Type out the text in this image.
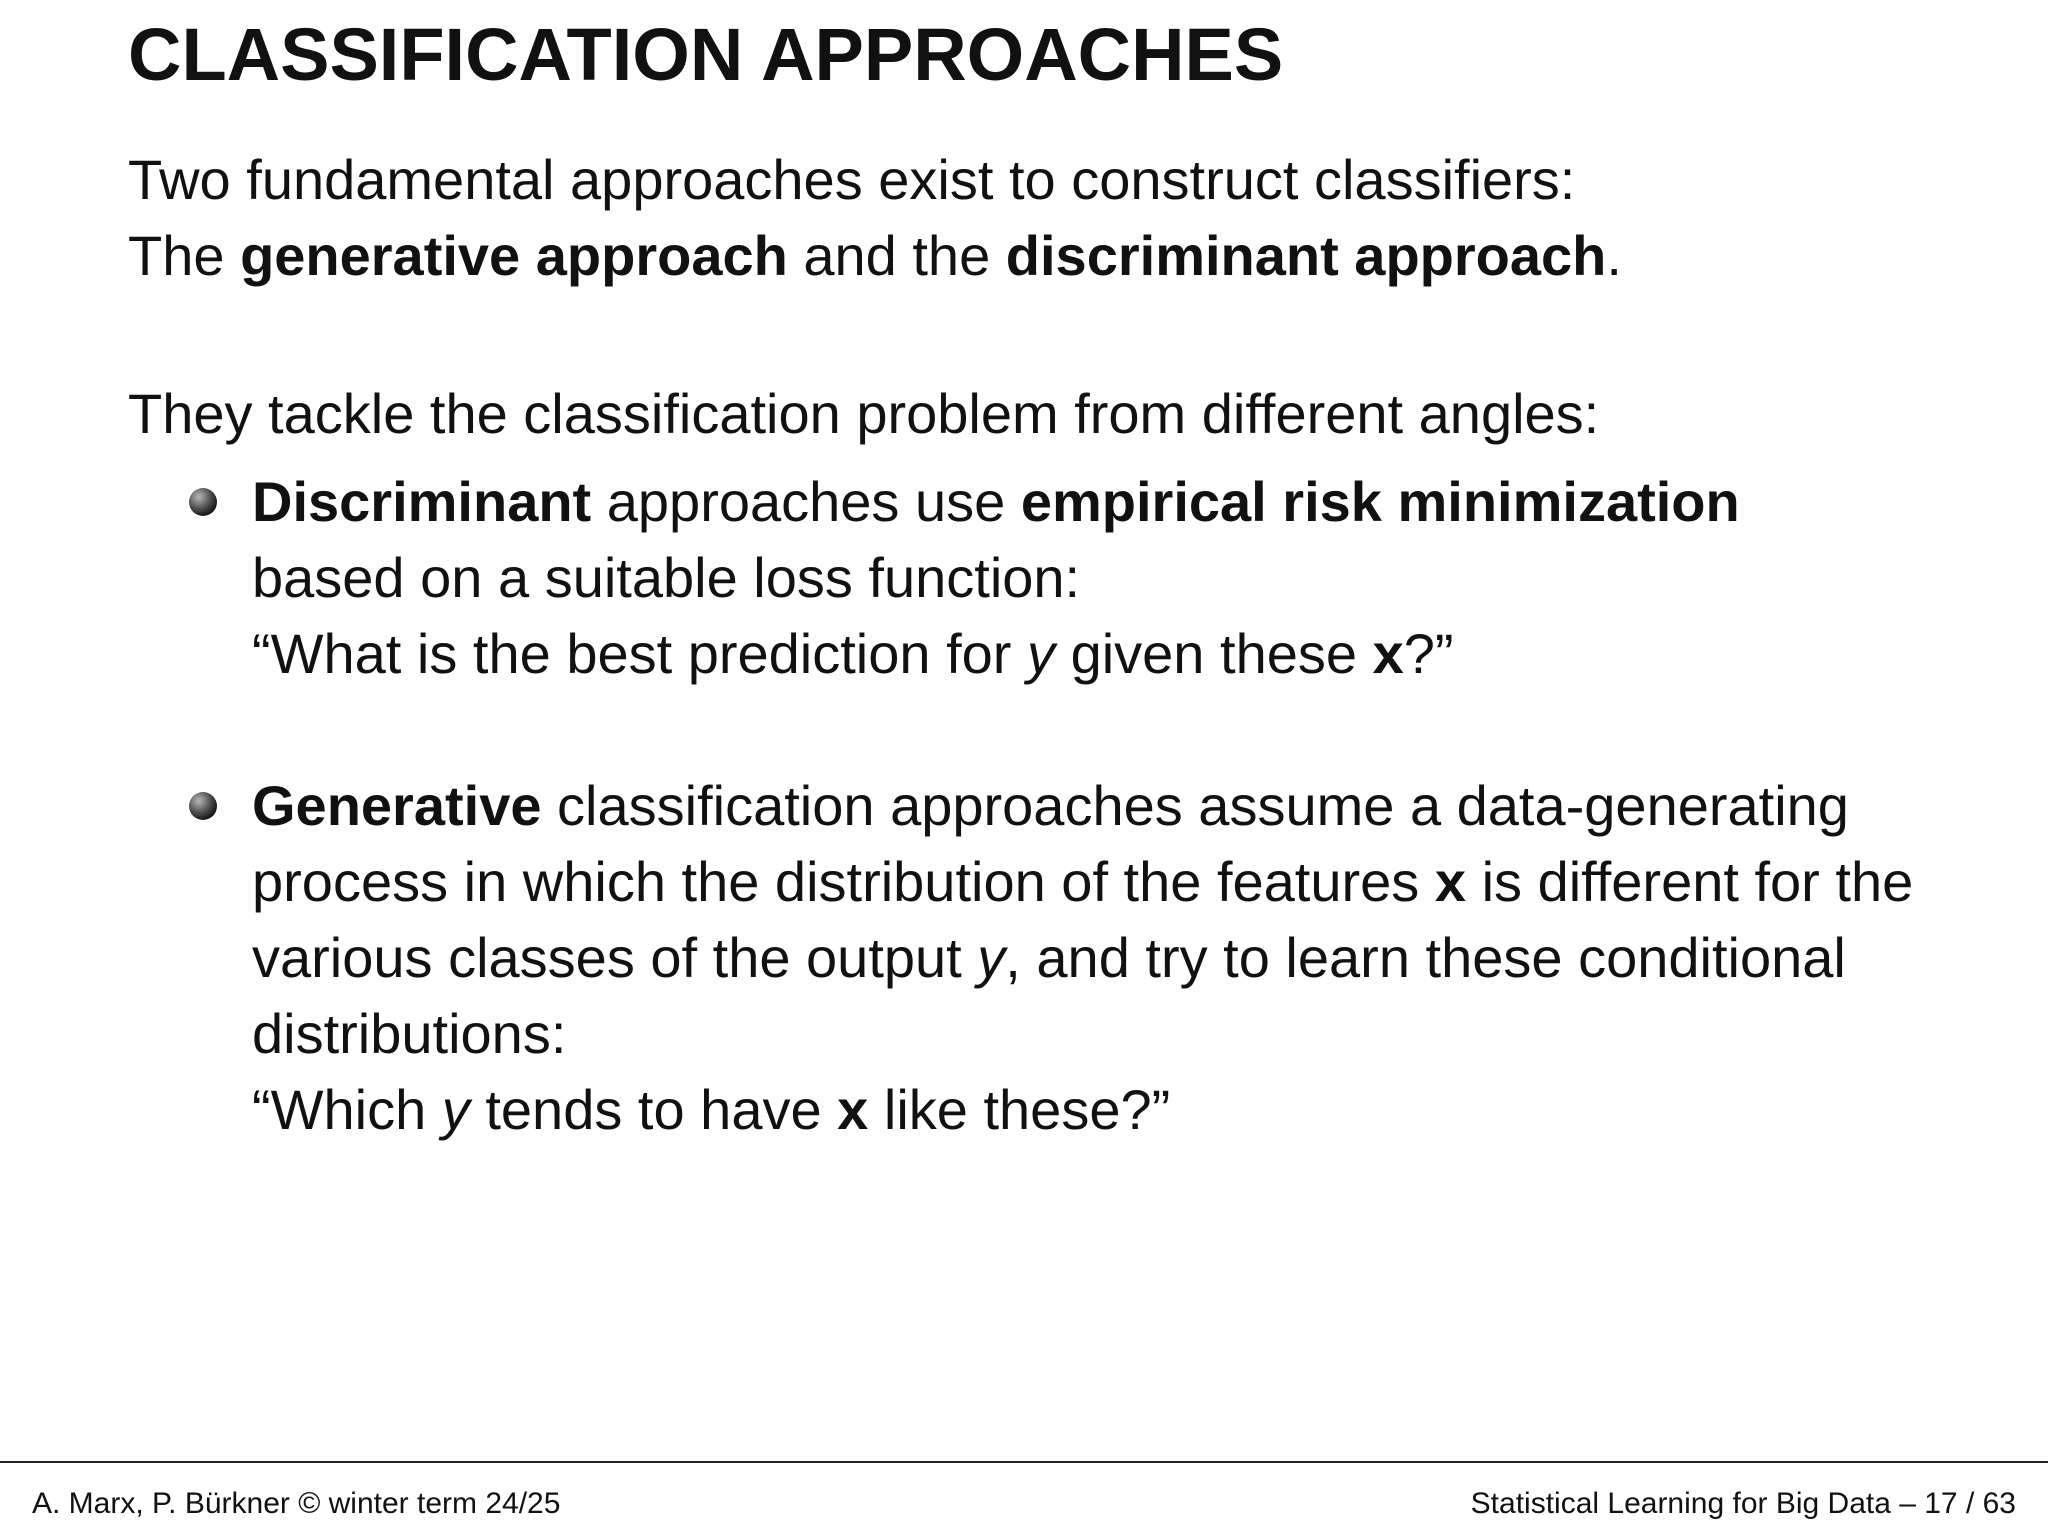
CLASSIFICATION APPROACHES

Two fundamental approaches exist to construct classifiers:

The generative approach and the discriminant approach.

They tackle the classification problem from different angles:

Discriminant approaches use empirical risk minimization
based on a suitable loss function:
“What is the best prediction for y given these x?”
Generative classification approaches assume a data-generating
process in which the distribution of the features x is different for the
various classes of the output y, and try to learn these conditional
distributions:
“Which y tends to have x like these?”
A. Marx, P. Bürkner © winter term 24/25	Statistical Learning for Big Data – 17 / 63
